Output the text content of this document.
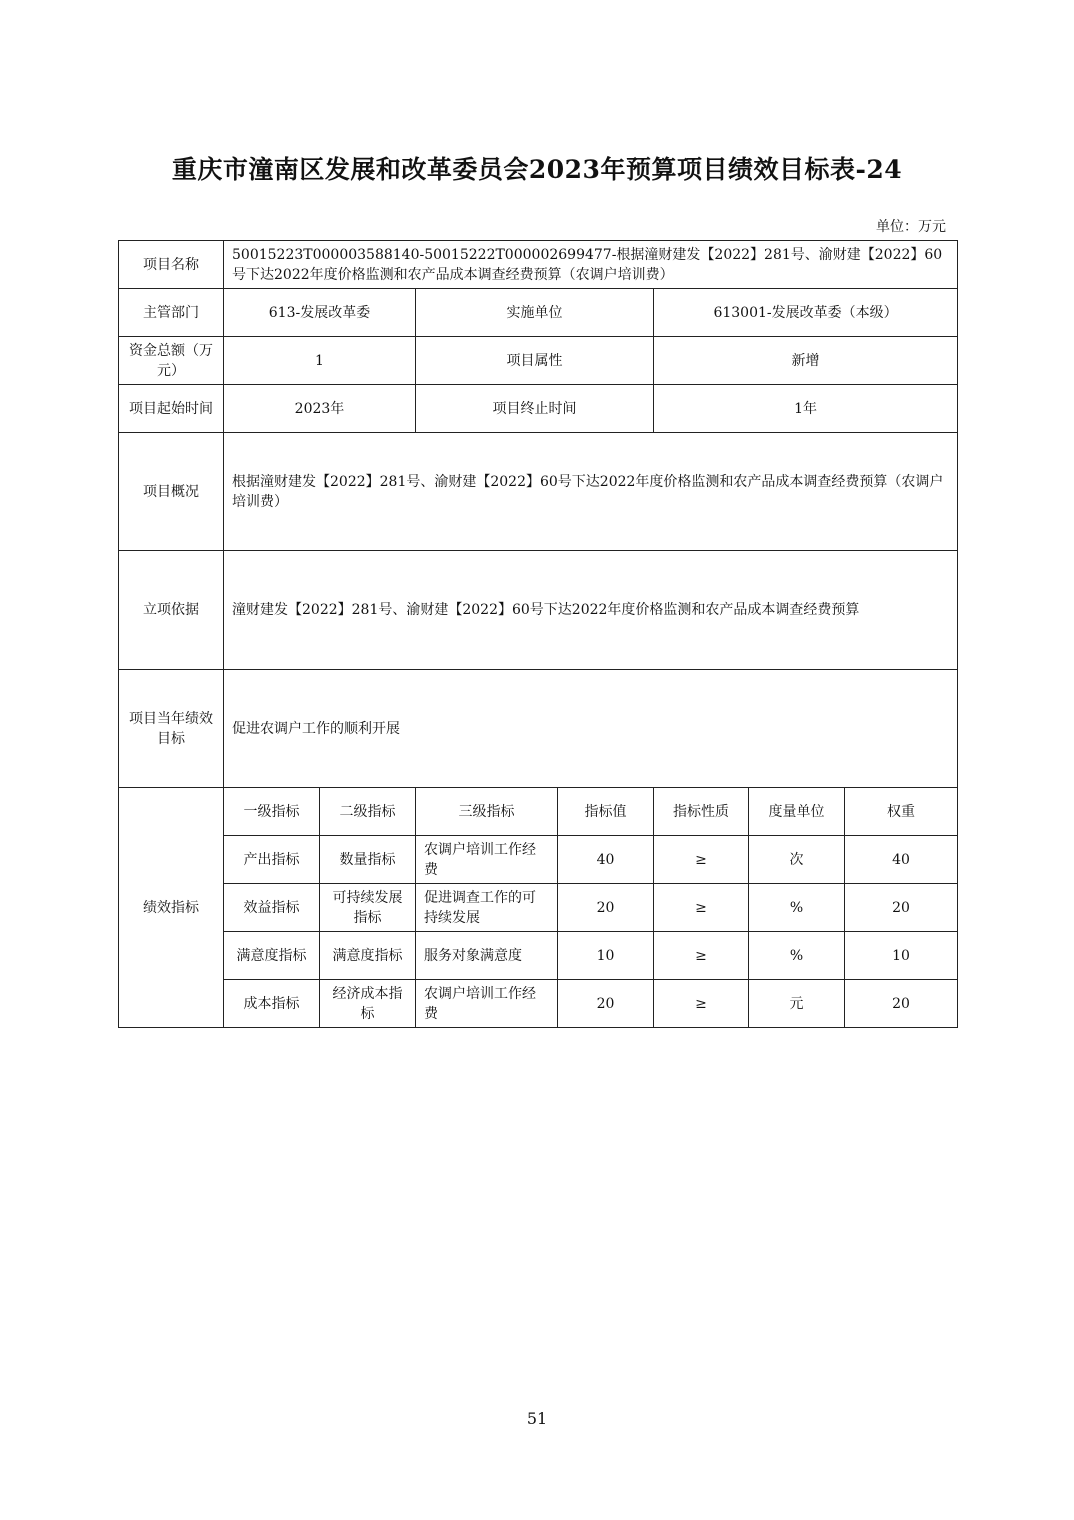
重庆市潼南区发展和改革委员会2023年预算项目绩效目标表-24
单位：万元
项目名称	50015223T000003588140-50015222T000002699477-根据潼财建发【2022】281号、渝财建【2022】60号下达2022年度价格监测和农产品成本调查经费预算（农调户培训费）						
主管部门	613-发展改革委		实施单位		613001-发展改革委（本级）		
资金总额（万元）	1		项目属性		新增		
项目起始时间	2023年		项目终止时间		1年		
项目概况	根据潼财建发【2022】281号、渝财建【2022】60号下达2022年度价格监测和农产品成本调查经费预算（农调户培训费）						
立项依据	潼财建发【2022】281号、渝财建【2022】60号下达2022年度价格监测和农产品成本调查经费预算						
项目当年绩效目标	促进农调户工作的顺利开展						
绩效指标	一级指标	二级指标	三级指标	指标值	指标性质	度量单位	权重
	产出指标	数量指标	农调户培训工作经费	40	≥	次	40
	效益指标	可持续发展指标	促进调查工作的可持续发展	20	≥	%	20
	满意度指标	满意度指标	服务对象满意度	10	≥	%	10
	成本指标	经济成本指标	农调户培训工作经费	20	≥	元	20
51
